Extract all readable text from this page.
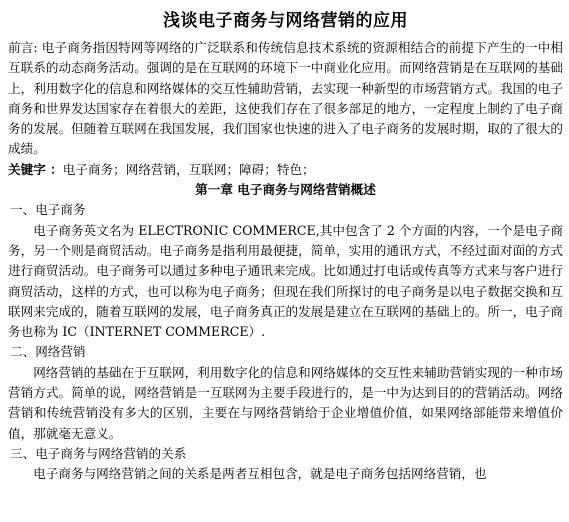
浅谈电子商务与网络营销的应用

前言: 电子商务指因特网等网络的广泛联系和传统信息技术系统的资源相结合的前提下产生的一中相互联系的动态商务活动。强调的是在互联网的环境下一中商业化应用。而网络营销是在互联网的基础上，利用数字化的信息和网络媒体的交互性辅助营销，去实现一种新型的市场营销方式。我国的电子商务和世界发达国家存在着很大的差距，这使我们存在了很多部足的地方，一定程度上制约了电子商务的发展。但随着互联网在我国发展，我们国家也快速的进入了电子商务的发展时期，取的了很大的成绩。

关键字 ：电子商务；网络营销，互联网；障碍；特色；

第一章 电子商务与网络营销概述
一、电子商务

电子商务英文名为 ELECTRONIC COMMERCE,其中包含了 2 个方面的内容，一个是电子商务，另一个则是商贸活动。电子商务是指利用最便捷，简单，实用的通讯方式，不经过面对面的方式进行商贸活动。电子商务可以通过多种电子通讯来完成。比如通过打电话或传真等方式来与客户进行商贸活动，这样的方式，也可以称为电子商务；但现在我们所探讨的电子商务是以电子数据交换和互联网来完成的，随着互联网的发展，电子商务真正的发展是建立在互联网的基础上的。所一，电子商务也称为 IC（INTERNET COMMERCE）.

二、网络营销

网络营销的基础在于互联网，利用数字化的信息和网络媒体的交互性来辅助营销实现的一种市场营销方式。简单的说，网络营销是一互联网为主要手段进行的，是一中为达到目的的营销活动。网络营销和传统营销没有多大的区别，主要在与网络营销给于企业增值价值，如果网络部能带来增值价值，那就毫无意义。

三、电子商务与网络营销的关系

电子商务与网络营销之间的关系是两者互相包含，就是电子商务包括网络营销，也
